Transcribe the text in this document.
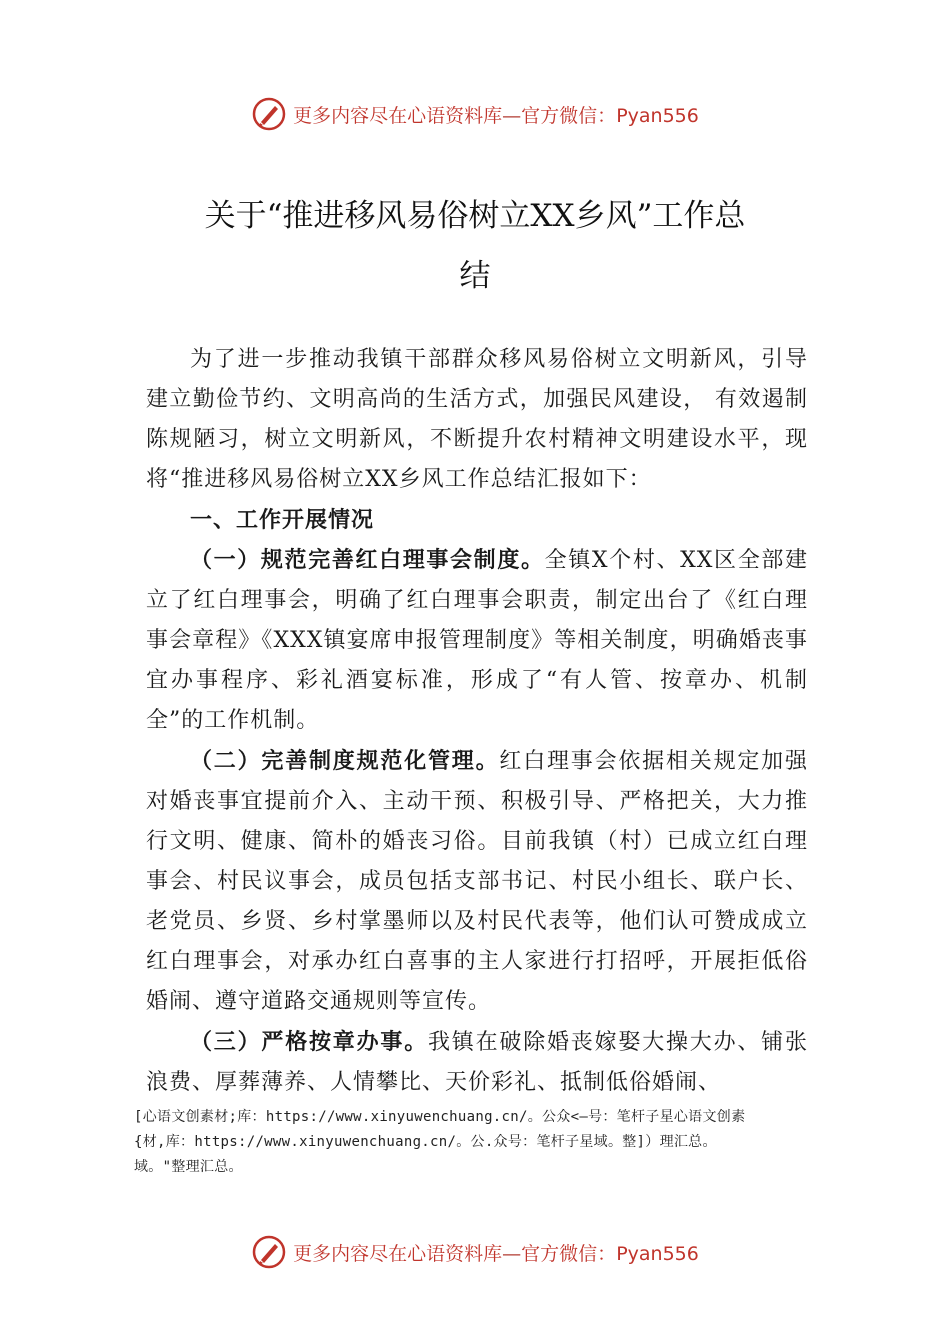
更多内容尽在心语资料库—官方微信：Pyan556
关于“推进移风易俗树立XX乡风”工作总
结

为了进一步推动我镇干部群众移风易俗树立文明新风，引导建立勤俭节约、文明高尚的生活方式，加强民风建设， 有效遏制陈规陋习，树立文明新风，不断提升农村精神文明建设水平，现将“推进移风易俗树立XX乡风工作总结汇报如下：

一、工作开展情况

（一）规范完善红白理事会制度。全镇X个村、XX区全部建立了红白理事会，明确了红白理事会职责，制定出台了《红白理事会章程》《XXX镇宴席申报管理制度》等相关制度，明确婚丧事宜办事程序、彩礼酒宴标准，形成了“有人管、按章办、机制全”的工作机制。

（二）完善制度规范化管理。红白理事会依据相关规定加强对婚丧事宜提前介入、主动干预、积极引导、严格把关，大力推行文明、健康、简朴的婚丧习俗。目前我镇（村）已成立红白理事会、村民议事会，成员包括支部书记、村民小组长、联户长、老党员、乡贤、乡村掌墨师以及村民代表等，他们认可赞成成立红白理事会，对承办红白喜事的主人家进行打招呼，开展拒低俗婚闹、遵守道路交通规则等宣传。

（三）严格按章办事。我镇在破除婚丧嫁娶大操大办、铺张浪费、厚葬薄养、人情攀比、天价彩礼、抵制低俗婚闹、

[心语文创素材;库：https://www.xinyuwenchuang.cn/。公众<—号：笔杆子星心语文创素
{材,库：https://www.xinyuwenchuang.cn/。公.众号：笔杆子星域。整]）理汇总。
域。"整理汇总。
更多内容尽在心语资料库—官方微信：Pyan556
